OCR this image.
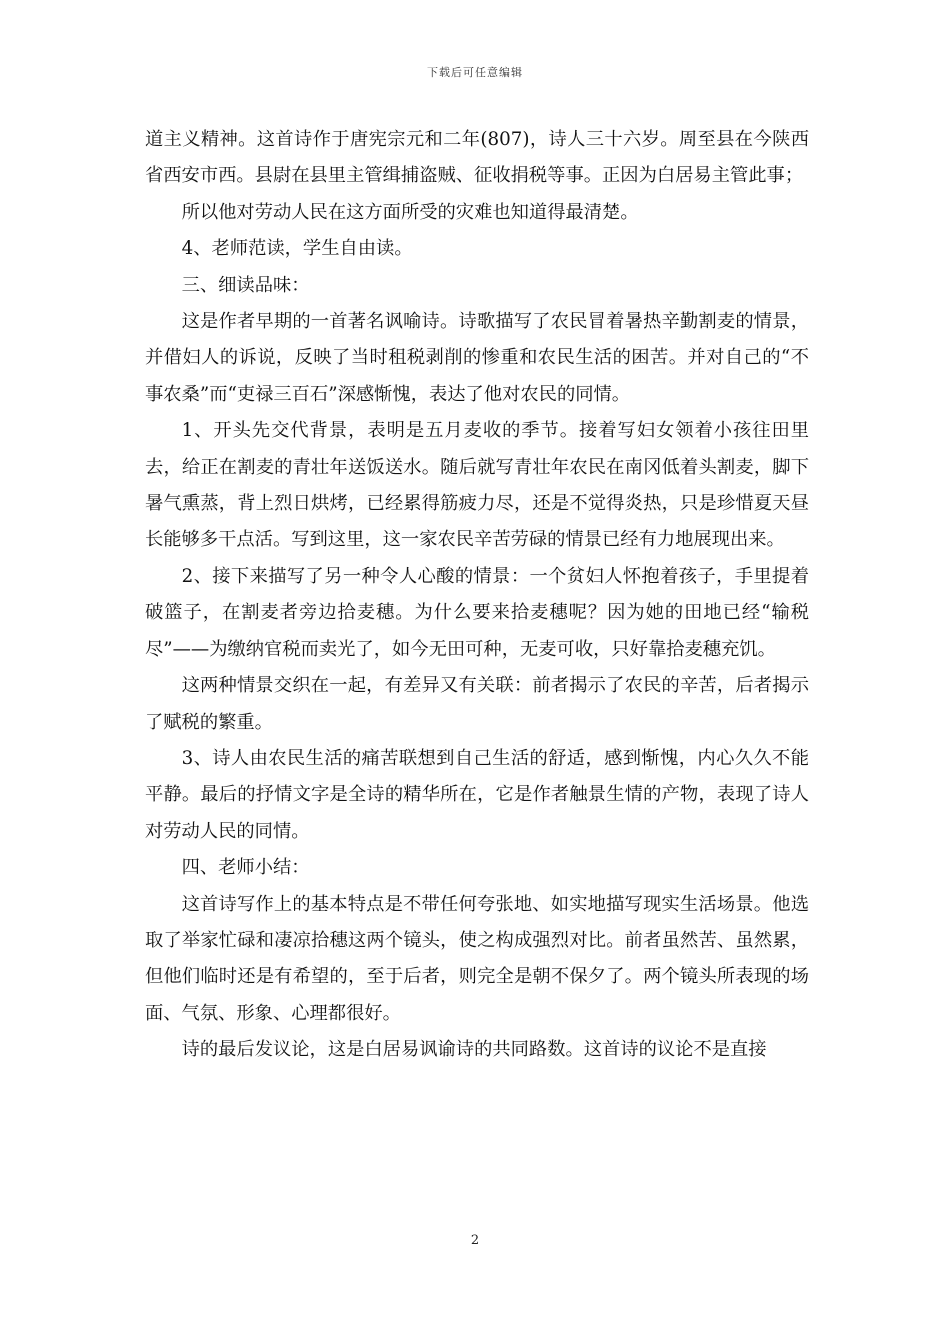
下载后可任意编辑

道主义精神。这首诗作于唐宪宗元和二年(807)，诗人三十六岁。周至县在今陕西省西安市西。县尉在县里主管缉捕盗贼、征收捐税等事。正因为白居易主管此事；

所以他对劳动人民在这方面所受的灾难也知道得最清楚。

4、老师范读，学生自由读。

三、细读品味：

这是作者早期的一首著名讽喻诗。诗歌描写了农民冒着暑热辛勤割麦的情景，并借妇人的诉说，反映了当时租税剥削的惨重和农民生活的困苦。并对自己的“不事农桑”而“吏禄三百石”深感惭愧，表达了他对农民的同情。

1、开头先交代背景，表明是五月麦收的季节。接着写妇女领着小孩往田里去，给正在割麦的青壮年送饭送水。随后就写青壮年农民在南冈低着头割麦，脚下暑气熏蒸，背上烈日烘烤，已经累得筋疲力尽，还是不觉得炎热，只是珍惜夏天昼长能够多干点活。写到这里，这一家农民辛苦劳碌的情景已经有力地展现出来。

2、接下来描写了另一种令人心酸的情景：一个贫妇人怀抱着孩子，手里提着破篮子，在割麦者旁边拾麦穗。为什么要来拾麦穗呢？因为她的田地已经“输税尽”——为缴纳官税而卖光了，如今无田可种，无麦可收，只好靠拾麦穗充饥。

这两种情景交织在一起，有差异又有关联：前者揭示了农民的辛苦，后者揭示了赋税的繁重。

3、诗人由农民生活的痛苦联想到自己生活的舒适，感到惭愧，内心久久不能平静。最后的抒情文字是全诗的精华所在，它是作者触景生情的产物，表现了诗人对劳动人民的同情。

四、老师小结：

这首诗写作上的基本特点是不带任何夸张地、如实地描写现实生活场景。他选取了举家忙碌和凄凉拾穗这两个镜头，使之构成强烈对比。前者虽然苦、虽然累，但他们临时还是有希望的，至于后者，则完全是朝不保夕了。两个镜头所表现的场面、气氛、形象、心理都很好。

诗的最后发议论，这是白居易讽谕诗的共同路数。这首诗的议论不是直接

2
